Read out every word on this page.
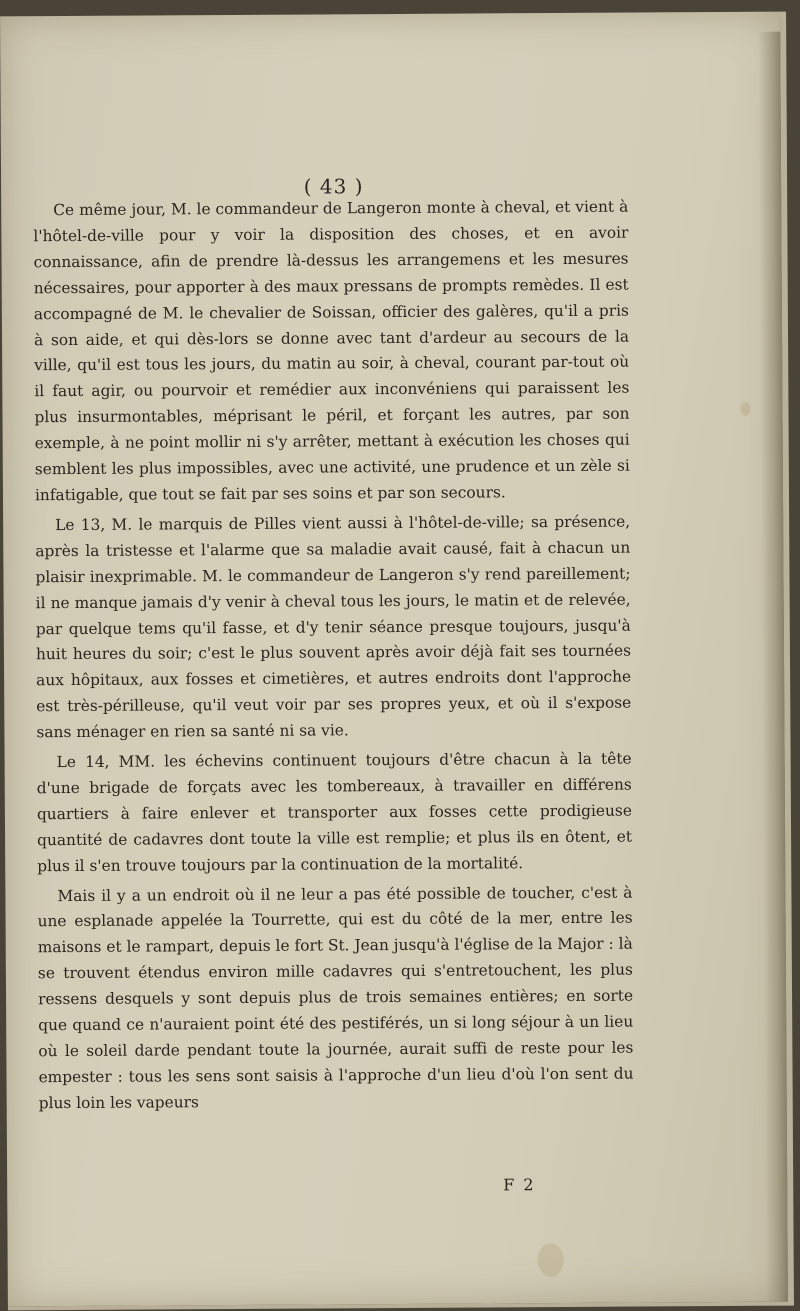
( 43 )

Ce même jour, M. le commandeur de Langeron monte à cheval, et vient à l'hôtel-de-ville pour y voir la disposition des choses, et en avoir connaissance, afin de prendre là-dessus les arrangemens et les mesures nécessaires, pour apporter à des maux pressans de prompts remèdes. Il est accompagné de M. le chevalier de Soissan, officier des galères, qu'il a pris à son aide, et qui dès-lors se donne avec tant d'ardeur au secours de la ville, qu'il est tous les jours, du matin au soir, à cheval, courant par-tout où il faut agir, ou pourvoir et remédier aux inconvéniens qui paraissent les plus insurmontables, méprisant le péril, et forçant les autres, par son exemple, à ne point mollir ni s'y arrêter, mettant à exécution les choses qui semblent les plus impossibles, avec une activité, une prudence et un zèle si infatigable, que tout se fait par ses soins et par son secours.

Le 13, M. le marquis de Pilles vient aussi à l'hôtel-de-ville; sa présence, après la tristesse et l'alarme que sa maladie avait causé, fait à chacun un plaisir inexprimable. M. le commandeur de Langeron s'y rend pareillement; il ne manque jamais d'y venir à cheval tous les jours, le matin et de relevée, par quelque tems qu'il fasse, et d'y tenir séance presque toujours, jusqu'à huit heures du soir; c'est le plus souvent après avoir déjà fait ses tournées aux hôpitaux, aux fosses et cimetières, et autres endroits dont l'approche est très-périlleuse, qu'il veut voir par ses propres yeux, et où il s'expose sans ménager en rien sa santé ni sa vie.

Le 14, MM. les échevins continuent toujours d'être chacun à la tête d'une brigade de forçats avec les tombereaux, à travailler en différens quartiers à faire enlever et transporter aux fosses cette prodigieuse quantité de cadavres dont toute la ville est remplie; et plus ils en ôtent, et plus il s'en trouve toujours par la continuation de la mortalité.

Mais il y a un endroit où il ne leur a pas été possible de toucher, c'est à une esplanade appelée la Tourrette, qui est du côté de la mer, entre les maisons et le rampart, depuis le fort St. Jean jusqu'à l'église de la Major : là se trouvent étendus environ mille cadavres qui s'entretouchent, les plus ressens desquels y sont depuis plus de trois semaines entières; en sorte que quand ce n'auraient point été des pestiférés, un si long séjour à un lieu où le soleil darde pendant toute la journée, aurait suffi de reste pour les empester : tous les sens sont saisis à l'approche d'un lieu d'où l'on sent du plus loin les vapeurs

F 2
